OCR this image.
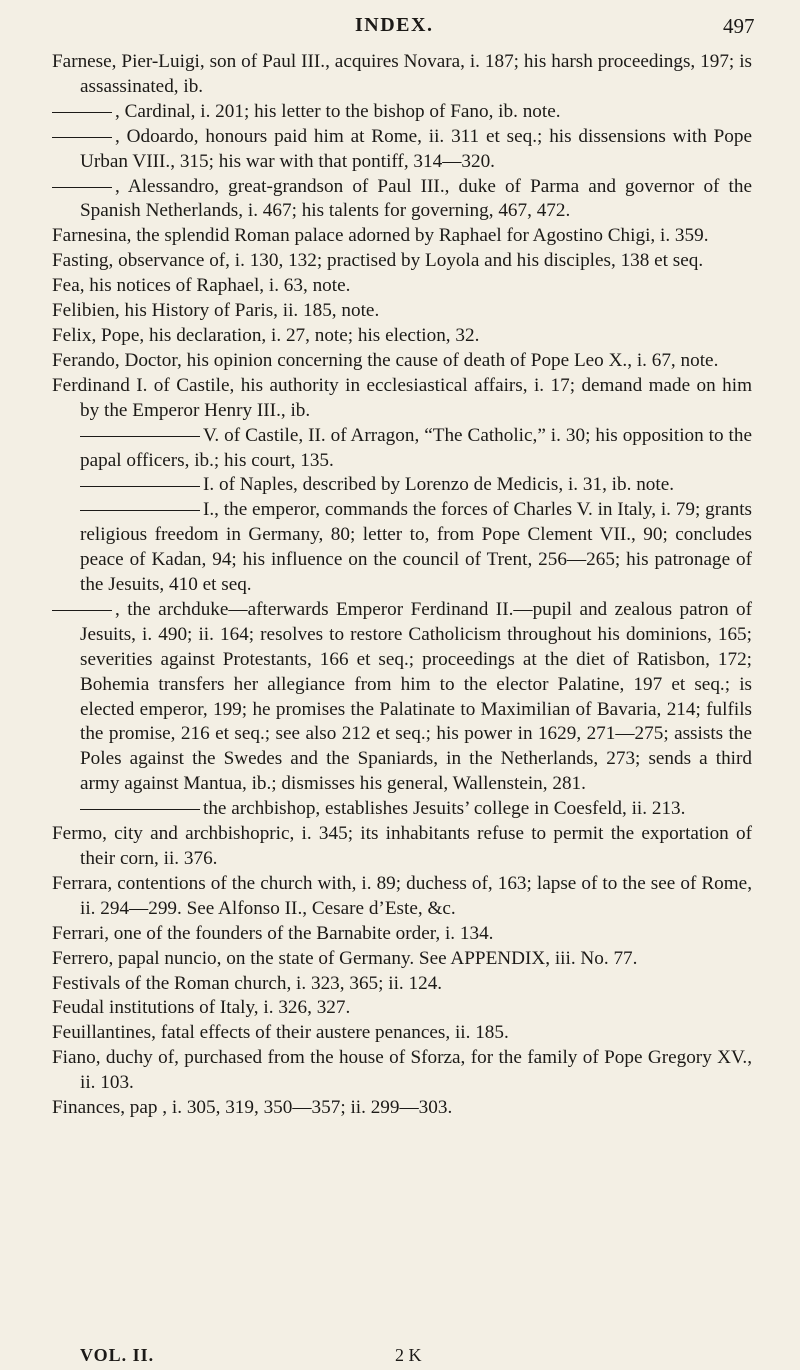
INDEX.	497

Farnese, Pier-Luigi, son of Paul III., acquires Novara, i. 187; his harsh proceedings, 197; is assassinated, ib.

, Cardinal, i. 201; his letter to the bishop of Fano, ib. note.

, Odoardo, honours paid him at Rome, ii. 311 et seq.; his dissensions with Pope Urban VIII., 315; his war with that pontiff, 314—320.

, Alessandro, great-grandson of Paul III., duke of Parma and governor of the Spanish Netherlands, i. 467; his talents for governing, 467, 472.

Farnesina, the splendid Roman palace adorned by Raphael for Agostino Chigi, i. 359.

Fasting, observance of, i. 130, 132; practised by Loyola and his disciples, 138 et seq.

Fea, his notices of Raphael, i. 63, note.

Felibien, his History of Paris, ii. 185, note.

Felix, Pope, his declaration, i. 27, note; his election, 32.

Ferando, Doctor, his opinion concerning the cause of death of Pope Leo X., i. 67, note.

Ferdinand I. of Castile, his authority in ecclesiastical affairs, i. 17; demand made on him by the Emperor Henry III., ib.

V. of Castile, II. of Arragon, “The Catholic,” i. 30; his opposition to the papal officers, ib.; his court, 135.

I. of Naples, described by Lorenzo de Medicis, i. 31, ib. note.

I., the emperor, commands the forces of Charles V. in Italy, i. 79; grants religious freedom in Germany, 80; letter to, from Pope Clement VII., 90; concludes peace of Kadan, 94; his influence on the council of Trent, 256—265; his patronage of the Jesuits, 410 et seq.

, the archduke—afterwards Emperor Ferdinand II.—pupil and zealous patron of Jesuits, i. 490; ii. 164; resolves to restore Catholicism throughout his dominions, 165; severities against Protestants, 166 et seq.; proceedings at the diet of Ratisbon, 172; Bohemia transfers her allegiance from him to the elector Palatine, 197 et seq.; is elected emperor, 199; he promises the Palatinate to Maximilian of Bavaria, 214; fulfils the promise, 216 et seq.; see also 212 et seq.; his power in 1629, 271—275; assists the Poles against the Swedes and the Spaniards, in the Netherlands, 273; sends a third army against Mantua, ib.; dismisses his general, Wallenstein, 281.

the archbishop, establishes Jesuits’ college in Coesfeld, ii. 213.

Fermo, city and archbishopric, i. 345; its inhabitants refuse to permit the exportation of their corn, ii. 376.

Ferrara, contentions of the church with, i. 89; duchess of, 163; lapse of to the see of Rome, ii. 294—299. See Alfonso II., Cesare d’Este, &c.

Ferrari, one of the founders of the Barnabite order, i. 134.

Ferrero, papal nuncio, on the state of Germany. See APPENDIX, iii. No. 77.

Festivals of the Roman church, i. 323, 365; ii. 124.

Feudal institutions of Italy, i. 326, 327.

Feuillantines, fatal effects of their austere penances, ii. 185.

Fiano, duchy of, purchased from the house of Sforza, for the family of Pope Gregory XV., ii. 103.

Finances, pap , i. 305, 319, 350—357; ii. 299—303.

VOL. II.	2 K
